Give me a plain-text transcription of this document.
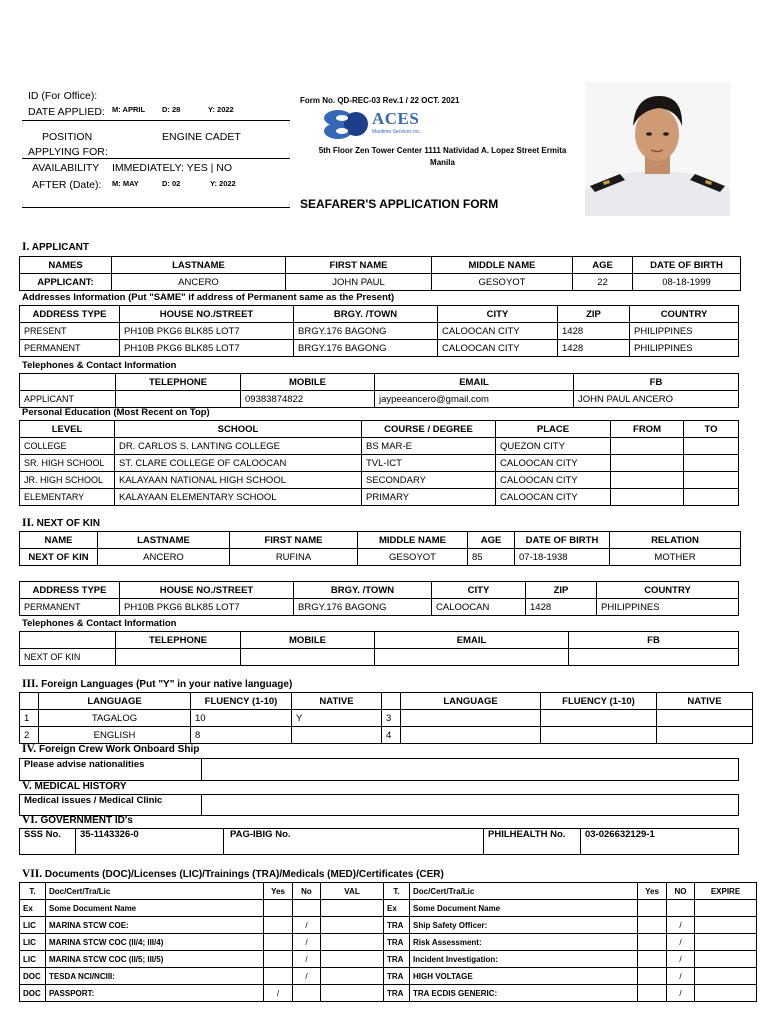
ID (For Office):
DATE APPLIED: M: APRIL D: 28	Y: 2022
POSITION	ENGINE CADET
APPLYING FOR:
AVAILABILITY IMMEDIATELY: YES | NO
AFTER (Date): M: MAY	D: 02	Y: 2022
Form No. QD-REC-03 Rev.1 / 22 OCT. 2021
ACES
Maritime Services Inc.
5th Floor Zen Tower Center 1111 Natividad A. Lopez Street Ermita
Manila
SEAFARER'S APPLICATION FORM
I. APPLICANT
NAMES	LASTNAME	FIRST NAME	MIDDLE NAME	AGE	DATE OF BIRTH
APPLICANT:	ANCERO	JOHN PAUL	GESOYOT	22	08-18-1999
Addresses Information (Put "SAME" if address of Permanent same as the Present)
ADDRESS TYPE	HOUSE NO./STREET	BRGY. /TOWN	CITY	ZIP	COUNTRY
PRESENT	PH10B PKG6 BLK85 LOT7	BRGY.176 BAGONG	CALOOCAN CITY	1428	PHILIPPINES
PERMANENT	PH10B PKG6 BLK85 LOT7	BRGY.176 BAGONG	CALOOCAN CITY	1428	PHILIPPINES
Telephones & Contact Information
	TELEPHONE	MOBILE	EMAIL	FB
APPLICANT		09383874822	jaypeeancero@gmail.com	JOHN PAUL ANCERO
Personal Education (Most Recent on Top)
LEVEL	SCHOOL	COURSE / DEGREE	PLACE	FROM	TO
COLLEGE	DR. CARLOS S. LANTING COLLEGE	BS MAR-E	QUEZON CITY		
SR. HIGH SCHOOL	ST. CLARE COLLEGE OF CALOOCAN	TVL-ICT	CALOOCAN CITY		
JR. HIGH SCHOOL	KALAYAAN NATIONAL HIGH SCHOOL	SECONDARY	CALOOCAN CITY		
ELEMENTARY	KALAYAAN ELEMENTARY SCHOOL	PRIMARY	CALOOCAN CITY		
II. NEXT OF KIN
NAME	LASTNAME	FIRST NAME	MIDDLE NAME	AGE	DATE OF BIRTH	RELATION
NEXT OF KIN	ANCERO	RUFINA	GESOYOT	85	07-18-1938	MOTHER
ADDRESS TYPE	HOUSE NO./STREET	BRGY. /TOWN	CITY	ZIP	COUNTRY
PERMANENT	PH10B PKG6 BLK85 LOT7	BRGY.176 BAGONG	CALOOCAN	1428	PHILIPPINES
Telephones & Contact Information
	TELEPHONE	MOBILE	EMAIL	FB
NEXT OF KIN				
III. Foreign Languages (Put "Y" in your native language)
	LANGUAGE	FLUENCY (1-10)	NATIVE		LANGUAGE	FLUENCY (1-10)	NATIVE
1	TAGALOG	10	Y	3			
2	ENGLISH	8		4			
IV. Foreign Crew Work Onboard Ship
Please advise nationalities	
V. MEDICAL HISTORY
Medical issues / Medical Clinic	
VI. GOVERNMENT ID's
SSS No.	35-1143326-0	PAG-IBIG No.	PHILHEALTH No.	03-026632129-1
VII. Documents (DOC)/Licenses (LIC)/Trainings (TRA)/Medicals (MED)/Certificates (CER)
T.	Doc/Cert/Tra/Lic	Yes	No	VAL	T.	Doc/Cert/Tra/Lic	Yes	NO	EXPIRE
Ex	Some Document Name				Ex	Some Document Name			
LIC	MARINA STCW COE:		/		TRA	Ship Safety Officer:		/	
LIC	MARINA STCW COC (II/4; III/4)		/		TRA	Risk Assessment:		/	
LIC	MARINA STCW COC (II/5; III/5)		/		TRA	Incident Investigation:		/	
DOC	TESDA NCI/NCIII:		/		TRA	HIGH VOLTAGE		/	
DOC	PASSPORT:	/			TRA	TRA ECDIS GENERIC:		/	
